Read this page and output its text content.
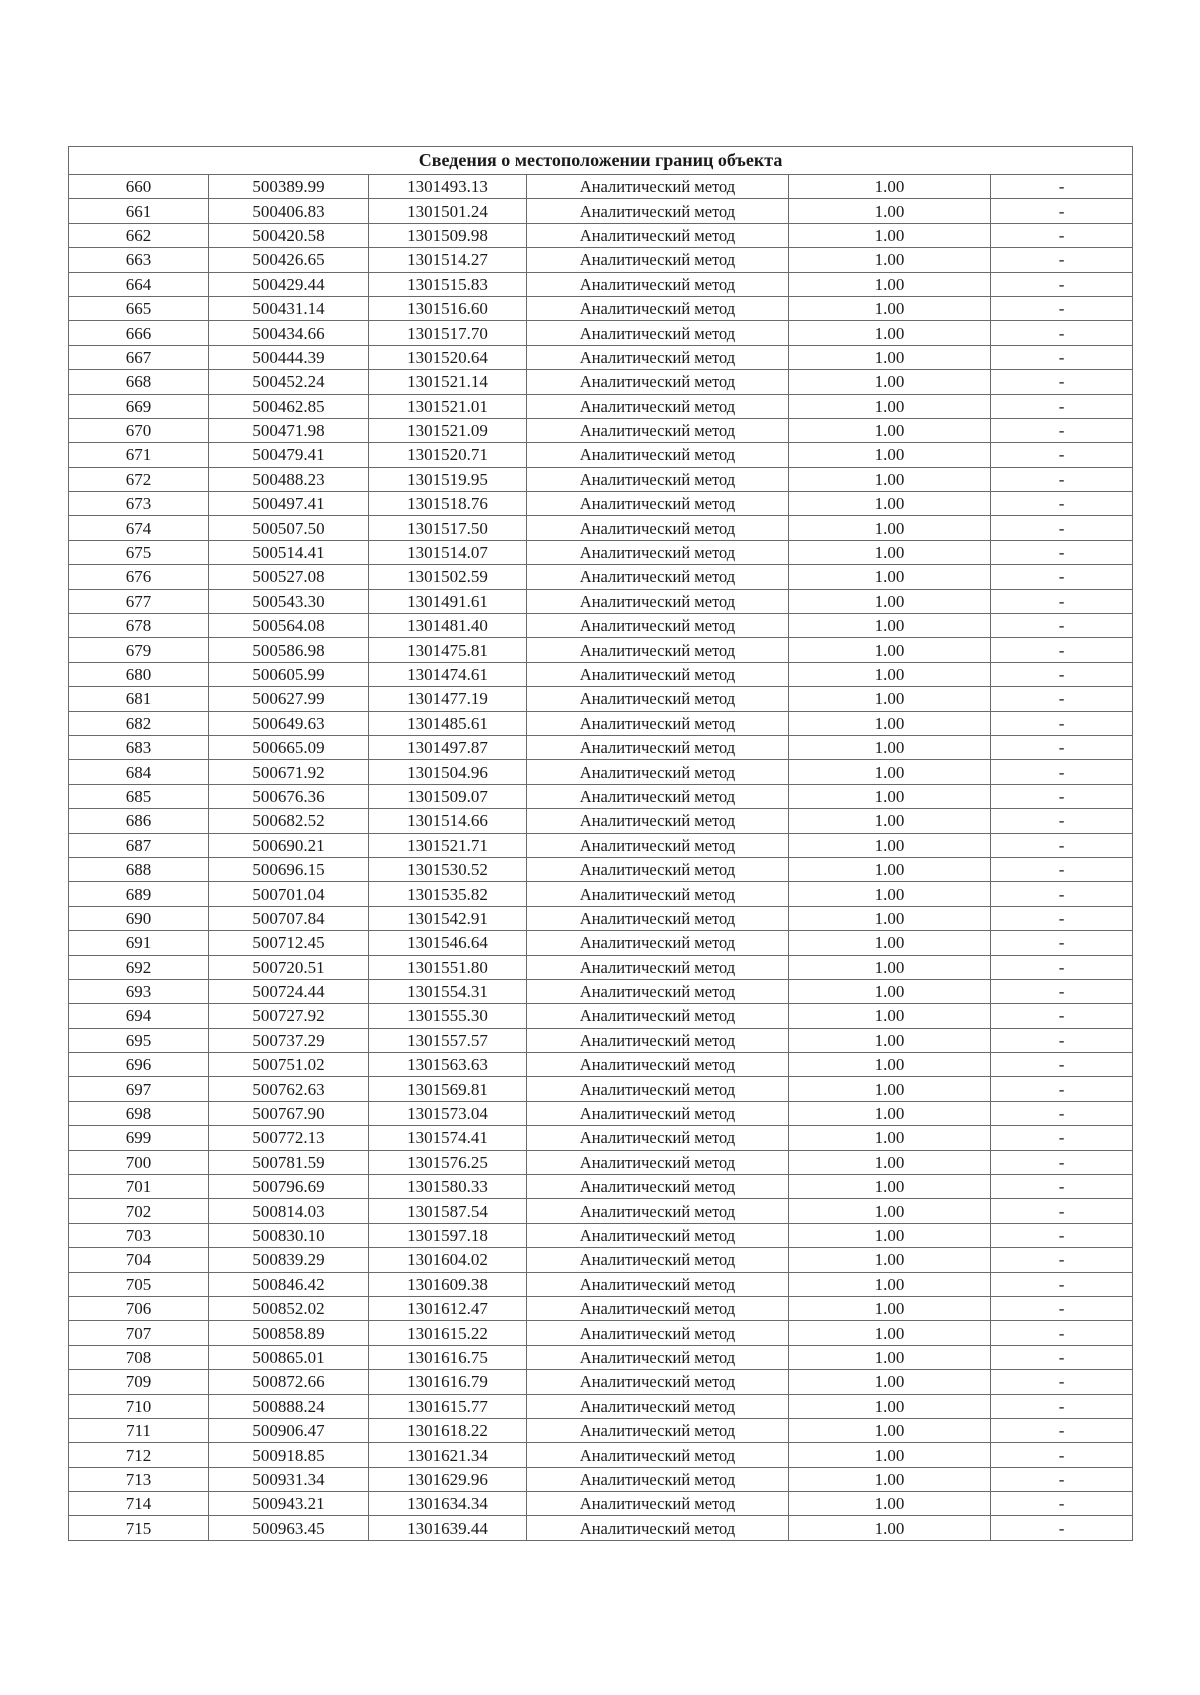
Сведения о местоположении границ объекта					
660	500389.99	1301493.13	Аналитический метод	1.00	-
661	500406.83	1301501.24	Аналитический метод	1.00	-
662	500420.58	1301509.98	Аналитический метод	1.00	-
663	500426.65	1301514.27	Аналитический метод	1.00	-
664	500429.44	1301515.83	Аналитический метод	1.00	-
665	500431.14	1301516.60	Аналитический метод	1.00	-
666	500434.66	1301517.70	Аналитический метод	1.00	-
667	500444.39	1301520.64	Аналитический метод	1.00	-
668	500452.24	1301521.14	Аналитический метод	1.00	-
669	500462.85	1301521.01	Аналитический метод	1.00	-
670	500471.98	1301521.09	Аналитический метод	1.00	-
671	500479.41	1301520.71	Аналитический метод	1.00	-
672	500488.23	1301519.95	Аналитический метод	1.00	-
673	500497.41	1301518.76	Аналитический метод	1.00	-
674	500507.50	1301517.50	Аналитический метод	1.00	-
675	500514.41	1301514.07	Аналитический метод	1.00	-
676	500527.08	1301502.59	Аналитический метод	1.00	-
677	500543.30	1301491.61	Аналитический метод	1.00	-
678	500564.08	1301481.40	Аналитический метод	1.00	-
679	500586.98	1301475.81	Аналитический метод	1.00	-
680	500605.99	1301474.61	Аналитический метод	1.00	-
681	500627.99	1301477.19	Аналитический метод	1.00	-
682	500649.63	1301485.61	Аналитический метод	1.00	-
683	500665.09	1301497.87	Аналитический метод	1.00	-
684	500671.92	1301504.96	Аналитический метод	1.00	-
685	500676.36	1301509.07	Аналитический метод	1.00	-
686	500682.52	1301514.66	Аналитический метод	1.00	-
687	500690.21	1301521.71	Аналитический метод	1.00	-
688	500696.15	1301530.52	Аналитический метод	1.00	-
689	500701.04	1301535.82	Аналитический метод	1.00	-
690	500707.84	1301542.91	Аналитический метод	1.00	-
691	500712.45	1301546.64	Аналитический метод	1.00	-
692	500720.51	1301551.80	Аналитический метод	1.00	-
693	500724.44	1301554.31	Аналитический метод	1.00	-
694	500727.92	1301555.30	Аналитический метод	1.00	-
695	500737.29	1301557.57	Аналитический метод	1.00	-
696	500751.02	1301563.63	Аналитический метод	1.00	-
697	500762.63	1301569.81	Аналитический метод	1.00	-
698	500767.90	1301573.04	Аналитический метод	1.00	-
699	500772.13	1301574.41	Аналитический метод	1.00	-
700	500781.59	1301576.25	Аналитический метод	1.00	-
701	500796.69	1301580.33	Аналитический метод	1.00	-
702	500814.03	1301587.54	Аналитический метод	1.00	-
703	500830.10	1301597.18	Аналитический метод	1.00	-
704	500839.29	1301604.02	Аналитический метод	1.00	-
705	500846.42	1301609.38	Аналитический метод	1.00	-
706	500852.02	1301612.47	Аналитический метод	1.00	-
707	500858.89	1301615.22	Аналитический метод	1.00	-
708	500865.01	1301616.75	Аналитический метод	1.00	-
709	500872.66	1301616.79	Аналитический метод	1.00	-
710	500888.24	1301615.77	Аналитический метод	1.00	-
711	500906.47	1301618.22	Аналитический метод	1.00	-
712	500918.85	1301621.34	Аналитический метод	1.00	-
713	500931.34	1301629.96	Аналитический метод	1.00	-
714	500943.21	1301634.34	Аналитический метод	1.00	-
715	500963.45	1301639.44	Аналитический метод	1.00	-
